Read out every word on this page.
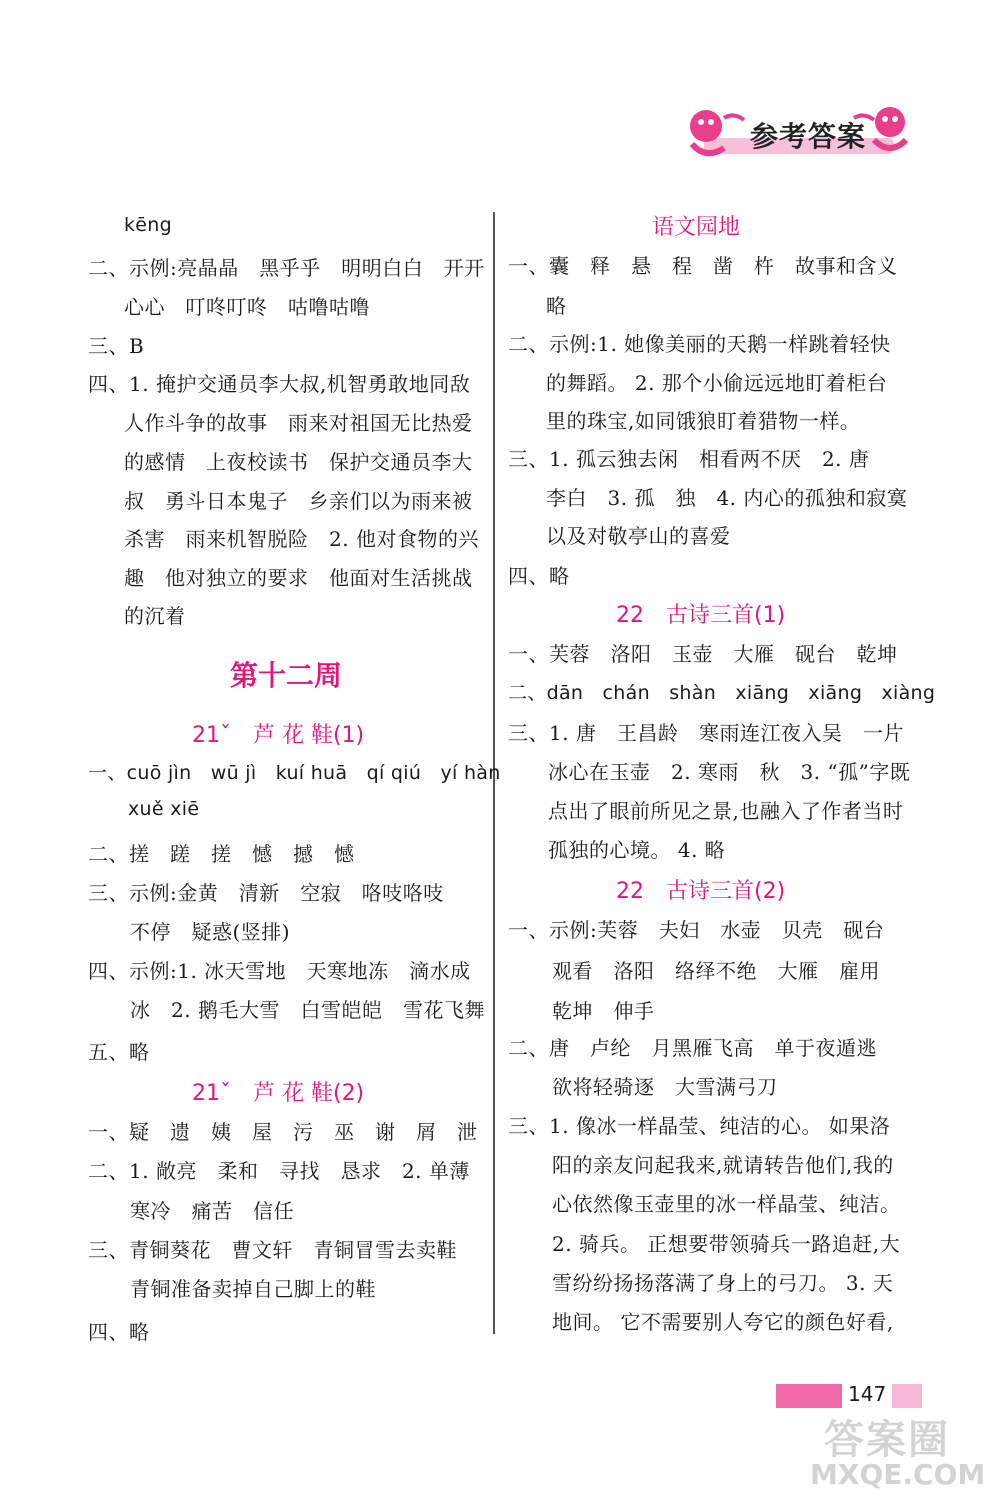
参考答案
kēng
二、示例:亮晶晶　黑乎乎　明明白白　开开
心心　叮咚叮咚　咕噜咕噜
三、B
四、1. 掩护交通员李大叔,机智勇敢地同敌
人作斗争的故事　雨来对祖国无比热爱
的感情　上夜校读书　保护交通员李大
叔　勇斗日本鬼子　乡亲们以为雨来被
杀害　雨来机智脱险　2. 他对食物的兴
趣　他对独立的要求　他面对生活挑战
的沉着
第十二周
21ˇ　芦 花 鞋(1)
一、cuō jìn　wū jì　kuí huā　qí qiú　yí hàn
xuě xiē
二、搓　蹉　搓　憾　撼　憾
三、示例:金黄　清新　空寂　咯吱咯吱
不停　疑惑(竖排)
四、示例:1. 冰天雪地　天寒地冻　滴水成
冰　2. 鹅毛大雪　白雪皑皑　雪花飞舞
五、略
21ˇ　芦 花 鞋(2)
一、疑　遗　姨　屋　污　巫　谢　屑　泄
二、1. 敞亮　柔和　寻找　恳求　2. 单薄
寒冷　痛苦　信任
三、青铜葵花　曹文轩　青铜冒雪去卖鞋
青铜准备卖掉自己脚上的鞋
四、略
语文园地
一、囊　释　悬　程　凿　杵　故事和含义
略
二、示例:1. 她像美丽的天鹅一样跳着轻快
的舞蹈。 2. 那个小偷远远地盯着柜台
里的珠宝,如同饿狼盯着猎物一样。
三、1. 孤云独去闲　相看两不厌　2. 唐
李白　3. 孤　独　4. 内心的孤独和寂寞
以及对敬亭山的喜爱
四、略
22　古诗三首(1)
一、芙蓉　洛阳　玉壶　大雁　砚台　乾坤
二、dān　chán　shàn　xiāng　xiāng　xiàng
三、1. 唐　王昌龄　寒雨连江夜入吴　一片
冰心在玉壶　2. 寒雨　秋　3. “孤”字既
点出了眼前所见之景,也融入了作者当时
孤独的心境。 4. 略
22　古诗三首(2)
一、示例:芙蓉　夫妇　水壶　贝壳　砚台
观看　洛阳　络绎不绝　大雁　雇用
乾坤　伸手
二、唐　卢纶　月黑雁飞高　单于夜遁逃
欲将轻骑逐　大雪满弓刀
三、1. 像冰一样晶莹、纯洁的心。 如果洛
阳的亲友问起我来,就请转告他们,我的
心依然像玉壶里的冰一样晶莹、纯洁。
2. 骑兵。 正想要带领骑兵一路追赶,大
雪纷纷扬扬落满了身上的弓刀。 3. 天
地间。 它不需要别人夸它的颜色好看,
147
答案圈
MXQE.COM
